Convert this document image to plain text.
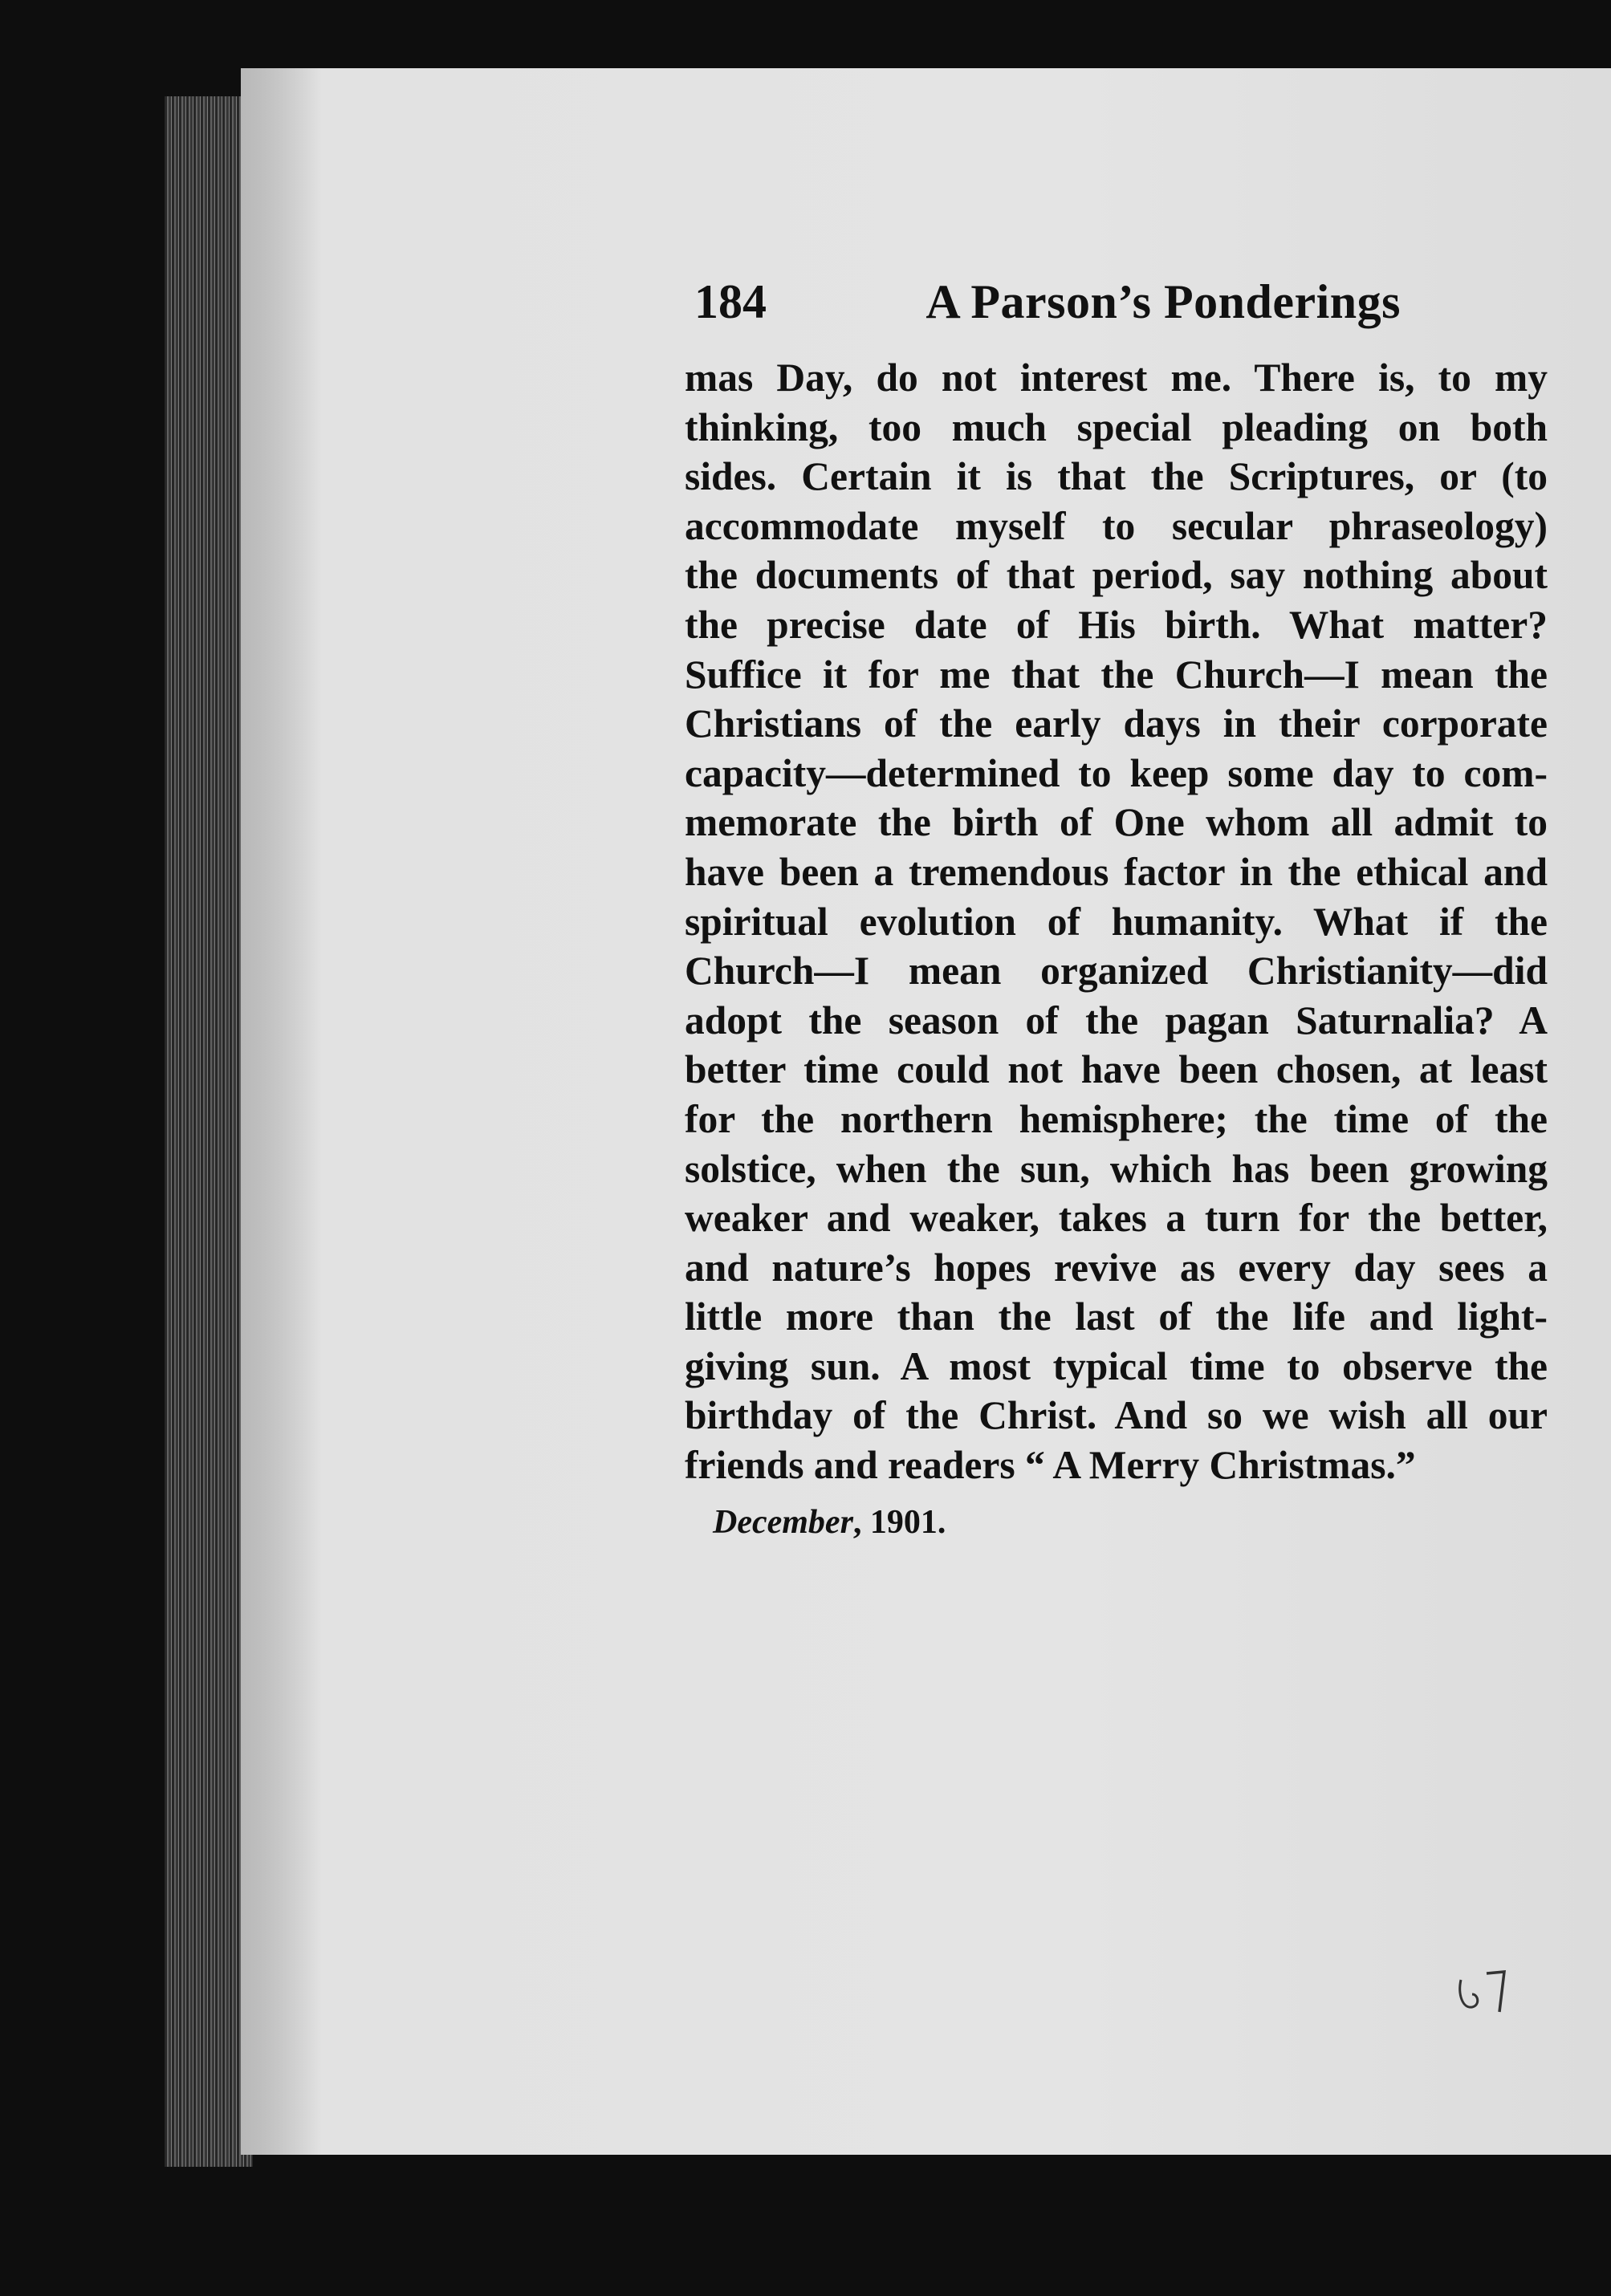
184	A Parson’s Ponderings
mas Day, do not interest me. There is, to my
thinking, too much special pleading on both
sides. Certain it is that the Scriptures, or (to
accommodate myself to secular phraseology)
the documents of that period, say nothing about
the precise date of His birth. What matter?
Suffice it for me that the Church—I mean the
Christians of the early days in their corporate
capacity—determined to keep some day to com-
memorate the birth of One whom all admit to
have been a tremendous factor in the ethical and
spiritual evolution of humanity. What if the
Church—I mean organized Christianity—did
adopt the season of the pagan Saturnalia? A
better time could not have been chosen, at least
for the northern hemisphere; the time of the
solstice, when the sun, which has been growing
weaker and weaker, takes a turn for the better,
and nature’s hopes revive as every day sees a
little more than the last of the life and light-
giving sun. A most typical time to observe the
birthday of the Christ. And so we wish all our
friends and readers “ A Merry Christmas.”
December, 1901.
